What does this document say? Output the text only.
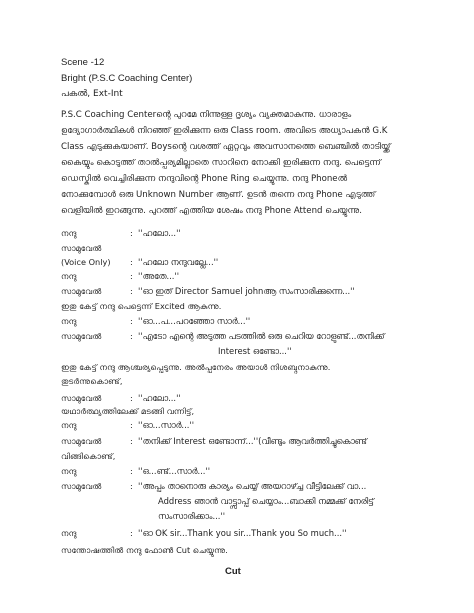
Scene -12
Bright (P.S.C Coaching Center)
പകൽ, Ext-Int
P.S.C Coaching Centerന്റെ പുറമേ നിന്നുള്ള ദൃശ്യം വ്യക്തമാകുന്നു. ധാരാളം
ഉദ്യോഗാർത്ഥികൾ നിറഞ്ഞ് ഇരിക്കുന്ന ഒരു Class room. അവിടെ അധ്യാപകൻ G.K
Class എടുക്കുകയാണ്. Boysന്റെ വശത്ത് ഏറ്റവും അവസാനത്തെ ബെഞ്ചിൽ താടിയ്ക്ക്
കൈയ്യും കൊടുത്ത് താൽപ്പര്യമില്ലാതെ സാറിനെ നോക്കി ഇരിക്കുന്ന നന്ദു. പെട്ടെന്ന്
ഡെസ്കിൽ വെച്ചിരിക്കുന്ന നന്ദുവിന്റെ Phone Ring ചെയ്യുന്നു. നന്ദു Phoneൽ
നോക്കുമ്പോൾ ഒരു Unknown Number ആണ്. ഉടൻ തന്നെ നന്ദു Phone എടുത്ത്
വെളിയിൽ ഇറങ്ങുന്നു. പുറത്ത് എത്തിയ ശേഷം നന്ദു Phone Attend ചെയ്യുന്നു.
നന്ദു	: ''ഹലോ...''
സാമുവേൽ
(Voice Only) : ''ഹലോ നന്ദുവല്ലേ...''
നന്ദു	: ''അതേ...''
സാമുവേൽ	: ''ഓ ഇത് Director Samuel johnആ സംസാരിക്കുന്നെ...''
ഇതു കേട്ട് നന്ദു പെട്ടെന്ന് Excited ആകുന്നു.
നന്ദു	: ''ഓ...പ...പറഞ്ഞോ സാർ...''
സാമുവേൽ	: ''എടോ എന്റെ അടുത്ത പടത്തിൽ ഒരു ചെറിയ റോളുണ്ട്...തനിക്ക്
Interest ഒണ്ടോ...''
ഇതു കേട്ട് നന്ദു ആശ്ചര്യപ്പെടുന്നു. അൽപ്പനേരം അയാൾ നിശബ്ദനാകുന്നു.
തുടർന്നുകൊണ്ട്,
സാമുവേൽ	: ''ഹലോ...''
യഥാർത്ഥ്യത്തിലേക്ക് മടങ്ങി വന്നിട്ട്,
നന്ദു	: ''ഓ...സാർ...''
സാമുവേൽ	: ''തനിക്ക് Interest ഒണ്ടോന്ന്...''(വീണ്ടും ആവർത്തിച്ചുകൊണ്ട്
വിങ്ങികൊണ്ട്,
നന്ദു	: ''ഒ...ണ്ട്...സാർ...''
സാമുവേൽ	: ''അപ്പം താനൊരു കാര്യം ചെയ്യ് അയറാഴ്ച്ച വീട്ടിലേക്ക് വാ...
Address ഞാൻ വാട്ട്സാപ്പ് ചെയ്യാം...ബാക്കി നമ്മക്ക് നേരിട്ട്
സംസാരിക്കാം...''
നന്ദു	: ''ഓ OK sir...Thank you sir...Thank you So much...''
സന്തോഷത്തിൽ നന്ദു ഫോൺ Cut ചെയ്യുന്നു.
Cut
